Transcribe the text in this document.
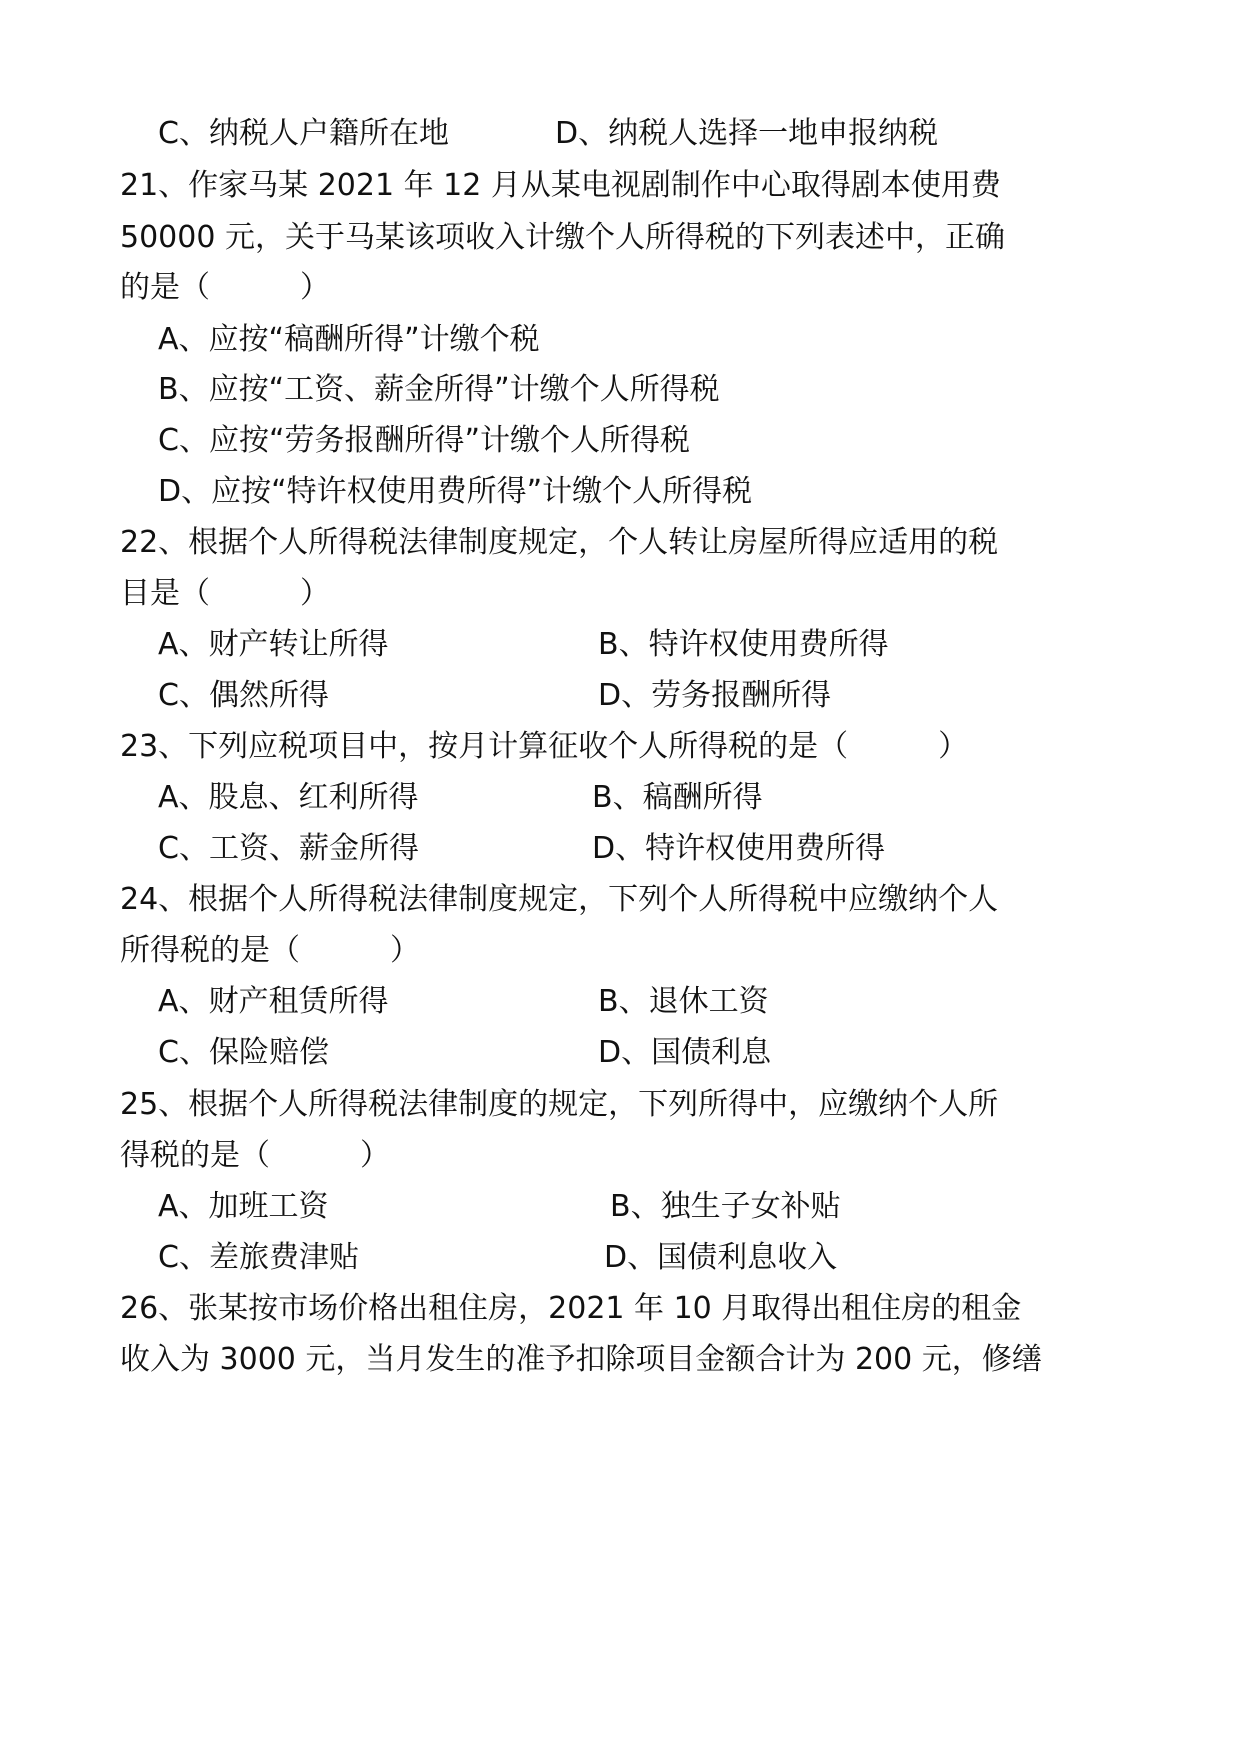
C、纳税人户籍所在地	D、纳税人选择一地申报纳税
21、作家马某 2021 年 12 月从某电视剧制作中心取得剧本使用费
50000 元，关于马某该项收入计缴个人所得税的下列表述中，正确
的是（　　　）
A、应按“稿酬所得”计缴个税
B、应按“工资、薪金所得”计缴个人所得税
C、应按“劳务报酬所得”计缴个人所得税
D、应按“特许权使用费所得”计缴个人所得税
22、根据个人所得税法律制度规定，个人转让房屋所得应适用的税
目是（　　　）
A、财产转让所得	B、特许权使用费所得
C、偶然所得	D、劳务报酬所得
23、下列应税项目中，按月计算征收个人所得税的是（　　　）
A、股息、红利所得	B、稿酬所得
C、工资、薪金所得	D、特许权使用费所得
24、根据个人所得税法律制度规定，下列个人所得税中应缴纳个人
所得税的是（　　　）
A、财产租赁所得	B、退休工资
C、保险赔偿	D、国债利息
25、根据个人所得税法律制度的规定，下列所得中，应缴纳个人所
得税的是（　　　）
A、加班工资	B、独生子女补贴
C、差旅费津贴	D、国债利息收入
26、张某按市场价格出租住房，2021 年 10 月取得出租住房的租金
收入为 3000 元，当月发生的准予扣除项目金额合计为 200 元，修缮
